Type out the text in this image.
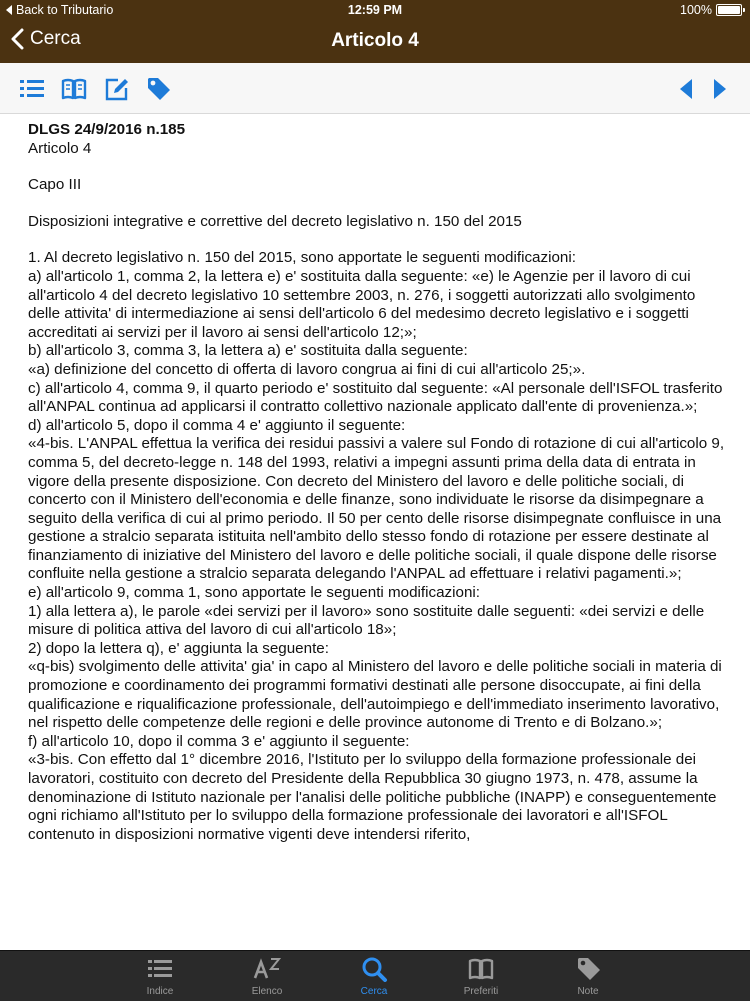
Back to Tributario	12:59 PM	100%
Cerca	Articolo 4

DLGS 24/9/2016 n.185

Articolo 4

Capo III

Disposizioni integrative e correttive del decreto legislativo n. 150 del 2015

1. Al decreto legislativo n. 150 del 2015, sono apportate le seguenti modificazioni:

a) all'articolo 1, comma 2, la lettera e) e' sostituita dalla seguente: «e) le Agenzie per il lavoro di cui all'articolo 4 del decreto legislativo 10 settembre 2003, n. 276, i soggetti autorizzati allo svolgimento delle attivita' di intermediazione ai sensi dell'articolo 6 del medesimo decreto legislativo e i soggetti accreditati ai servizi per il lavoro ai sensi dell'articolo 12;»;

b) all'articolo 3, comma 3, la lettera a) e' sostituita dalla seguente:

«a) definizione del concetto di offerta di lavoro congrua ai fini di cui all'articolo 25;».

c) all'articolo 4, comma 9, il quarto periodo e' sostituito dal seguente: «Al personale dell'ISFOL trasferito all'ANPAL continua ad applicarsi il contratto collettivo nazionale applicato dall'ente di provenienza.»;

d) all'articolo 5, dopo il comma 4 e' aggiunto il seguente:

«4-bis. L'ANPAL effettua la verifica dei residui passivi a valere sul Fondo di rotazione di cui all'articolo 9, comma 5, del decreto-legge n. 148 del 1993, relativi a impegni assunti prima della data di entrata in vigore della presente disposizione. Con decreto del Ministero del lavoro e delle politiche sociali, di concerto con il Ministero dell'economia e delle finanze, sono individuate le risorse da disimpegnare a seguito della verifica di cui al primo periodo. Il 50 per cento delle risorse disimpegnate confluisce in una gestione a stralcio separata istituita nell'ambito dello stesso fondo di rotazione per essere destinate al finanziamento di iniziative del Ministero del lavoro e delle politiche sociali, il quale dispone delle risorse confluite nella gestione a stralcio separata delegando l'ANPAL ad effettuare i relativi pagamenti.»;

e) all'articolo 9, comma 1, sono apportate le seguenti modificazioni:

1) alla lettera a), le parole «dei servizi per il lavoro» sono sostituite dalle seguenti: «dei servizi e delle misure di politica attiva del lavoro di cui all'articolo 18»;

2) dopo la lettera q), e' aggiunta la seguente:

«q-bis) svolgimento delle attivita' gia' in capo al Ministero del lavoro e delle politiche sociali in materia di promozione e coordinamento dei programmi formativi destinati alle persone disoccupate, ai fini della qualificazione e riqualificazione professionale, dell'autoimpiego e dell'immediato inserimento lavorativo, nel rispetto delle competenze delle regioni e delle province autonome di Trento e di Bolzano.»;

f) all'articolo 10, dopo il comma 3 e' aggiunto il seguente:

«3-bis. Con effetto dal 1° dicembre 2016, l'Istituto per lo sviluppo della formazione professionale dei lavoratori, costituito con decreto del Presidente della Repubblica 30 giugno 1973, n. 478, assume la denominazione di Istituto nazionale per l'analisi delle politiche pubbliche (INAPP) e conseguentemente ogni richiamo all'Istituto per lo sviluppo della formazione professionale dei lavoratori e all'ISFOL contenuto in disposizioni normative vigenti deve intendersi riferito,

Indice	Elenco	Cerca	Preferiti	Note
